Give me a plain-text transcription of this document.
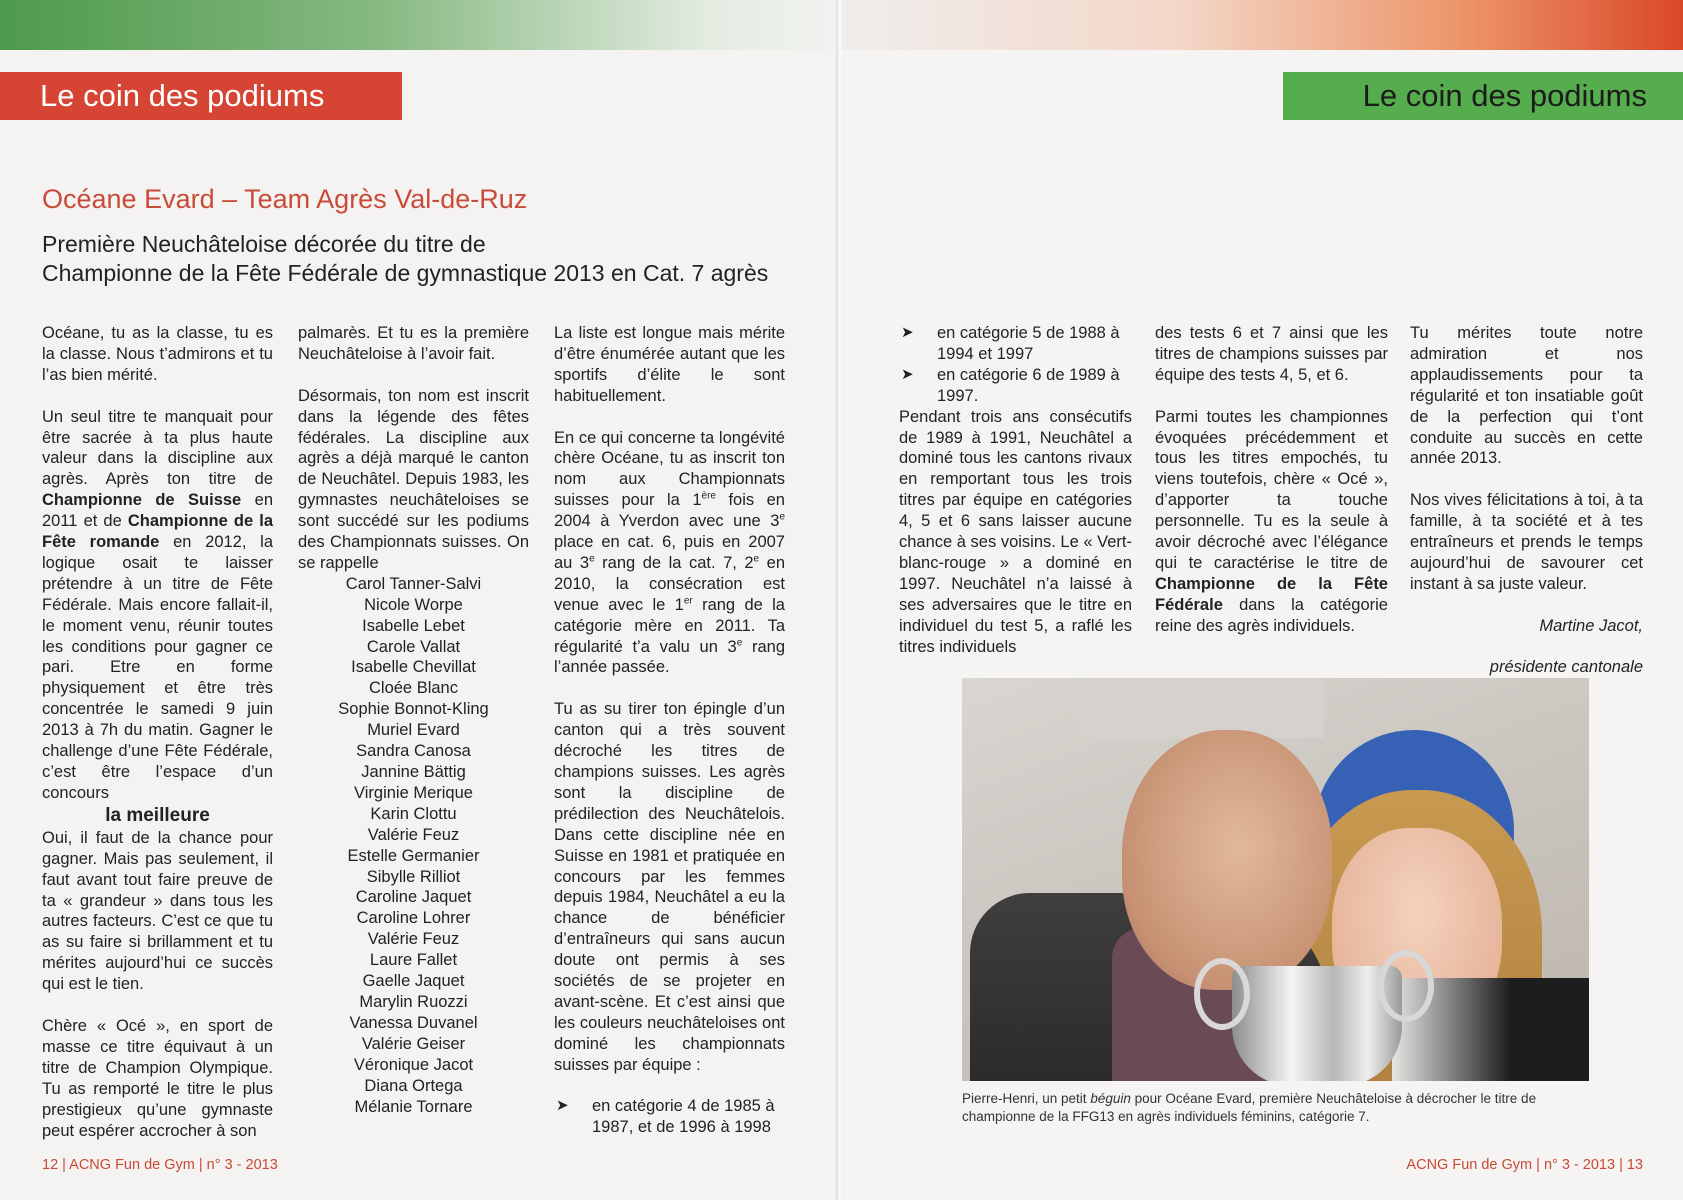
Le coin des podiums
Océane Evard – Team Agrès Val-de-Ruz
Première Neuchâteloise décorée du titre de
Championne de la Fête Fédérale de gymnastique 2013 en Cat. 7 agrès

Océane, tu as la classe, tu es la classe. Nous t’admirons et tu l’as bien mérité.

Un seul titre te manquait pour être sacrée à ta plus haute valeur dans la discipline aux agrès. Après ton titre de Championne de Suisse en 2011 et de Championne de la Fête romande en 2012, la logique osait te laisser prétendre à un titre de Fête Fédérale. Mais encore fallait-il, le moment venu, réunir toutes les conditions pour gagner ce pari. Etre en forme physiquement et être très concentrée le samedi 9 juin 2013 à 7h du matin. Gagner le challenge d’une Fête Fédérale, c’est être l’espace d’un concours

la meilleure

Oui, il faut de la chance pour gagner. Mais pas seulement, il faut avant tout faire preuve de ta « grandeur » dans tous les autres facteurs. C’est ce que tu as su faire si brillamment et tu mérites aujourd’hui ce succès qui est le tien.

Chère « Océ », en sport de masse ce titre équivaut à un titre de Champion Olympique. Tu as remporté le titre le plus prestigieux qu’une gymnaste peut espérer accrocher à son

palmarès. Et tu es la première Neuchâteloise à l’avoir fait.

Désormais, ton nom est inscrit dans la légende des fêtes fédérales. La discipline aux agrès a déjà marqué le canton de Neuchâtel. Depuis 1983, les gymnastes neuchâteloises se sont succédé sur les podiums des Championnats suisses. On se rappelle

Carol Tanner-Salvi
Nicole Worpe
Isabelle Lebet
Carole Vallat
Isabelle Chevillat
Cloée Blanc
Sophie Bonnot-Kling
Muriel Evard
Sandra Canosa
Jannine Bättig
Virginie Merique
Karin Clottu
Valérie Feuz
Estelle Germanier
Sibylle Rilliot
Caroline Jaquet
Caroline Lohrer
Valérie Feuz
Laure Fallet
Gaelle Jaquet
Marylin Ruozzi
Vanessa Duvanel
Valérie Geiser
Véronique Jacot
Diana Ortega
Mélanie Tornare

La liste est longue mais mérite d’être énumérée autant que les sportifs d’élite le sont habituellement.

En ce qui concerne ta longévité chère Océane, tu as inscrit ton nom aux Championnats suisses pour la 1ère fois en 2004 à Yverdon avec une 3e place en cat. 6, puis en 2007 au 3e rang de la cat. 7, 2e en 2010, la consécration est venue avec le 1er rang de la catégorie mère en 2011. Ta régularité t’a valu un 3e rang l’année passée.

Tu as su tirer ton épingle d’un canton qui a très souvent décroché les titres de champions suisses. Les agrès sont la discipline de prédilection des Neuchâtelois. Dans cette discipline née en Suisse en 1981 et pratiquée en concours par les femmes depuis 1984, Neuchâtel a eu la chance de bénéficier d’entraîneurs qui sans aucun doute ont permis à ses sociétés de se projeter en avant-scène. Et c’est ainsi que les couleurs neuchâteloises ont dominé les championnats suisses par équipe :

➤ en catégorie 4 de 1985 à 1987, et de 1996 à 1998
12 | ACNG Fun de Gym | n° 3 - 2013
Le coin des podiums
➤ en catégorie 5 de 1988 à 1994 et 1997
➤ en catégorie 6 de 1989 à 1997.

Pendant trois ans consécutifs de 1989 à 1991, Neuchâtel a dominé tous les cantons rivaux en remportant tous les trois titres par équipe en catégories 4, 5 et 6 sans laisser aucune chance à ses voisins. Le « Vert-blanc-rouge » a dominé en 1997. Neuchâtel n’a laissé à ses adversaires que le titre en individuel du test 5, a raflé les titres individuels

des tests 6 et 7 ainsi que les titres de champions suisses par équipe des tests 4, 5, et 6.

Parmi toutes les championnes évoquées précédemment et tous les titres empochés, tu viens toutefois, chère « Océ », d’apporter ta touche personnelle. Tu es la seule à avoir décroché avec l’élégance qui te caractérise le titre de Championne de la Fête Fédérale dans la catégorie reine des agrès individuels.

Tu mérites toute notre admiration et nos applaudissements pour ta régularité et ton insatiable goût de la perfection qui t’ont conduite au succès en cette année 2013.

Nos vives félicitations à toi, à ta famille, à ta société et à tes entraîneurs et prends le temps aujourd’hui de savourer cet instant à sa juste valeur.

Martine Jacot,

présidente cantonale

Pierre-Henri, un petit béguin pour Océane Evard, première Neuchâteloise à décrocher le titre de championne de la FFG13 en agrès individuels féminins, catégorie 7.
ACNG Fun de Gym | n° 3 - 2013 | 13
